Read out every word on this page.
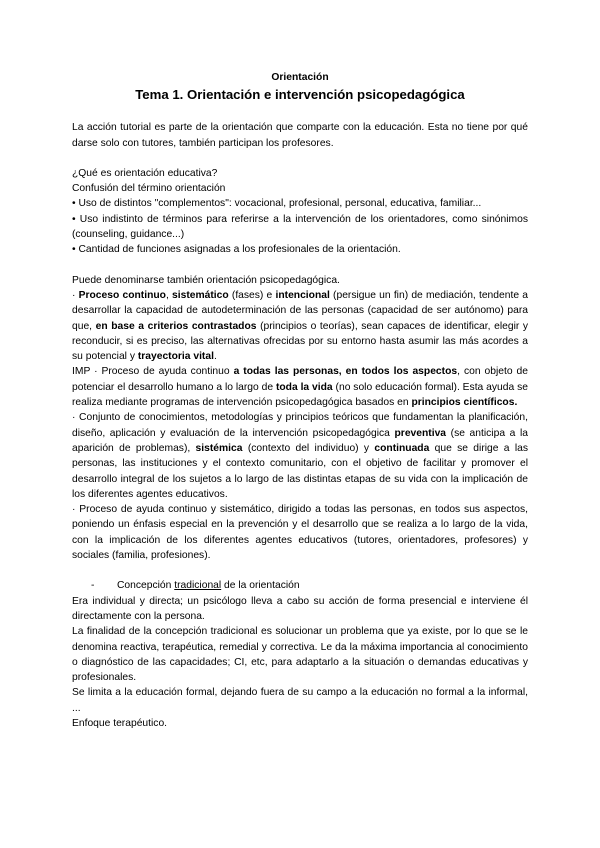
Orientación
Tema 1. Orientación e intervención psicopedagógica

La acción tutorial es parte de la orientación que comparte con la educación. Esta no tiene por qué darse solo con tutores, también participan los profesores.

¿Qué es orientación educativa?

Confusión del término orientación

• Uso de distintos "complementos": vocacional, profesional, personal, educativa, familiar...

• Uso indistinto de términos para referirse a la intervención de los orientadores, como sinónimos (counseling, guidance...)

• Cantidad de funciones asignadas a los profesionales de la orientación.

Puede denominarse también orientación psicopedagógica.

· Proceso continuo, sistemático (fases) e intencional (persigue un fin) de mediación, tendente a desarrollar la capacidad de autodeterminación de las personas (capacidad de ser autónomo) para que, en base a criterios contrastados (principios o teorías), sean capaces de identificar, elegir y reconducir, si es preciso, las alternativas ofrecidas por su entorno hasta asumir las más acordes a su potencial y trayectoria vital.

IMP · Proceso de ayuda continuo a todas las personas, en todos los aspectos, con objeto de potenciar el desarrollo humano a lo largo de toda la vida (no solo educación formal). Esta ayuda se realiza mediante programas de intervención psicopedagógica basados en principios científicos.

· Conjunto de conocimientos, metodologías y principios teóricos que fundamentan la planificación, diseño, aplicación y evaluación de la intervención psicopedagógica preventiva (se anticipa a la aparición de problemas), sistémica (contexto del individuo) y continuada que se dirige a las personas, las instituciones y el contexto comunitario, con el objetivo de facilitar y promover el desarrollo integral de los sujetos a lo largo de las distintas etapas de su vida con la implicación de los diferentes agentes educativos.

· Proceso de ayuda continuo y sistemático, dirigido a todas las personas, en todos sus aspectos, poniendo un énfasis especial en la prevención y el desarrollo que se realiza a lo largo de la vida, con la implicación de los diferentes agentes educativos (tutores, orientadores, profesores) y sociales (familia, profesiones).

-	Concepción tradicional de la orientación

Era individual y directa; un psicólogo lleva a cabo su acción de forma presencial e interviene él directamente con la persona.

La finalidad de la concepción tradicional es solucionar un problema que ya existe, por lo que se le denomina reactiva, terapéutica, remedial y correctiva. Le da la máxima importancia al conocimiento o diagnóstico de las capacidades; CI, etc, para adaptarlo a la situación o demandas educativas y profesionales.

Se limita a la educación formal, dejando fuera de su campo a la educación no formal a la informal, ...

Enfoque terapéutico.
